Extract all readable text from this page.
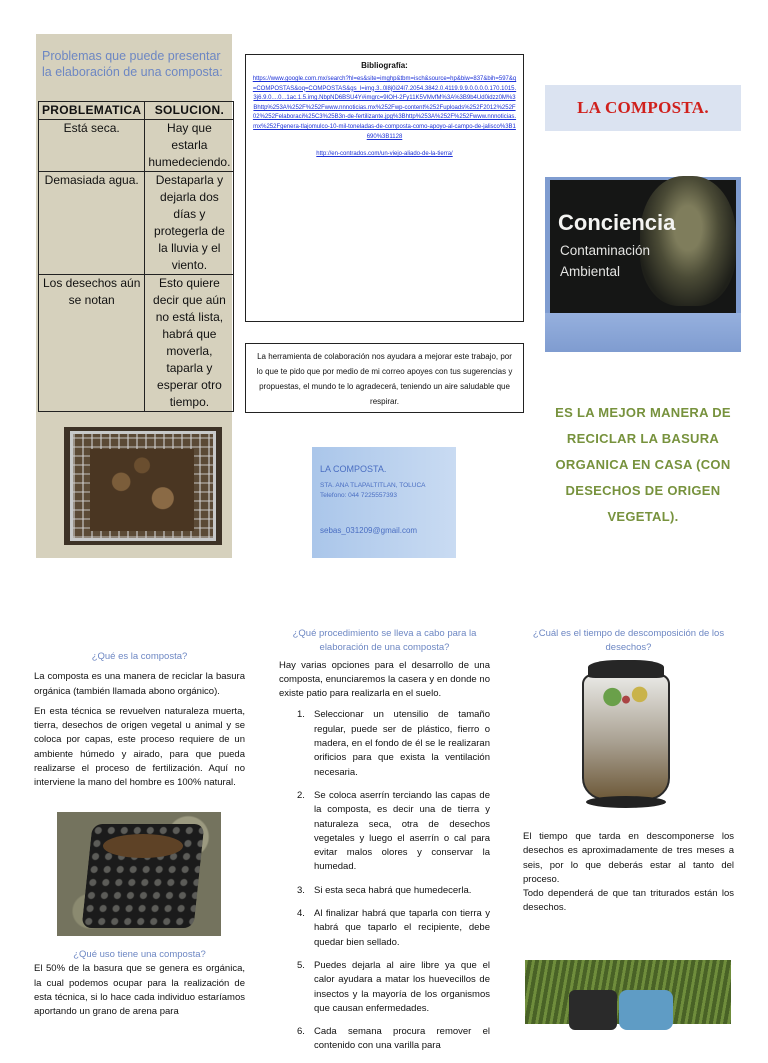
Problemas que puede presentar la elaboración de una composta:
PROBLEMATICA	SOLUCION.
Está seca.	Hay que estarla humedeciendo.
Demasiada agua.	Destaparla y dejarla dos días y protegerla de la lluvia y el viento.
Los desechos aún se notan	Esto quiere decir que aún no está lista, habrá que moverla, taparla y esperar otro tiempo.
Bibliografía:
https://www.google.com.mx/search?hl=es&site=imghp&tbm=isch&source=hp&biw=837&bih=597&q=COMPOSTAS&oq=COMPOSTAS&gs_l=img.3..0l8j0i24l7.2054.3842.0.4119.9.9.0.0.0.0.170.1015.3j6.9.0....0...1ac.1.5.img.NbpND6BSU4Y#imgrc=9IOH-2Fy11K5VMvfM%3A%3B9b4Ud0idzz0M%3Bhttp%253A%252F%252Fwww.nnnoticias.mx%252Fwp-content%252Fuploads%252F2012%252F02%252Felaboraci%25C3%25B3n-de-fertilizante.jpg%3Bhttp%253A%252F%252Fwww.nnnoticias.mx%252Fgenera-tlajomulco-10-mil-toneladas-de-composta-como-apoyo-al-campo-de-jalisco%3B1690%3B1128
http://en-contrados.com/un-viejo-aliado-de-la-tierra/
La herramienta de colaboración nos ayudara a mejorar este trabajo, por lo que te pido que por medio de mi correo apoyes con tus sugerencias y propuestas, el mundo te lo agradecerá, teniendo un aire saludable que respirar.
LA COMPOSTA.
STA. ANA TLAPALTITLAN, TOLUCA
Telefono: 044 7225557393
sebas_031209@gmail.com
LA COMPOSTA.
Conciencia
Contaminación
Ambiental
ES LA MEJOR MANERA DE RECICLAR LA BASURA ORGANICA EN CASA (CON DESECHOS DE ORIGEN VEGETAL).

¿Qué es la composta?

La composta es una manera de reciclar la basura orgánica (también llamada abono orgánico).

En esta técnica se revuelven naturaleza muerta, tierra, desechos de origen vegetal u animal y se coloca por capas, este proceso requiere de un ambiente húmedo y airado, para que pueda realizarse el proceso de fertilización. Aquí no interviene la mano del hombre es 100% natural.

¿Qué uso tiene una composta?

El 50% de la basura que se genera es orgánica, la cual podemos ocupar para la realización de esta técnica, si lo hace cada individuo estaríamos aportando un grano de arena para

¿Qué procedimiento se lleva a cabo para la elaboración de una composta?

Hay varias opciones para el desarrollo de una composta, enunciaremos la casera y en donde no existe patio para realizarla en el suelo.

1. Seleccionar un utensilio de tamaño regular, puede ser de plástico, fierro o madera, en el fondo de él se le realizaran orificios para que exista la ventilación necesaria.
2. Se coloca aserrín terciando las capas de la composta, es decir una de tierra y naturaleza seca, otra de desechos vegetales y luego el aserrín o cal para evitar malos olores y conservar la humedad.
3. Si esta seca habrá que humedecerla.
4. Al finalizar habrá que taparla con tierra y habrá que taparlo el recipiente, debe quedar bien sellado.
5. Puedes dejarla al aire libre ya que el calor ayudara a matar los huevecillos de insectos y la mayoría de los organismos que causan enfermedades.
6. Cada semana procura remover el contenido con una varilla para

¿Cuál es el tiempo de descomposición de los desechos?

El tiempo que tarda en descomponerse los desechos es aproximadamente de tres meses a seis, por lo que deberás estar al tanto del proceso.

Todo dependerá de que tan triturados están los desechos.
